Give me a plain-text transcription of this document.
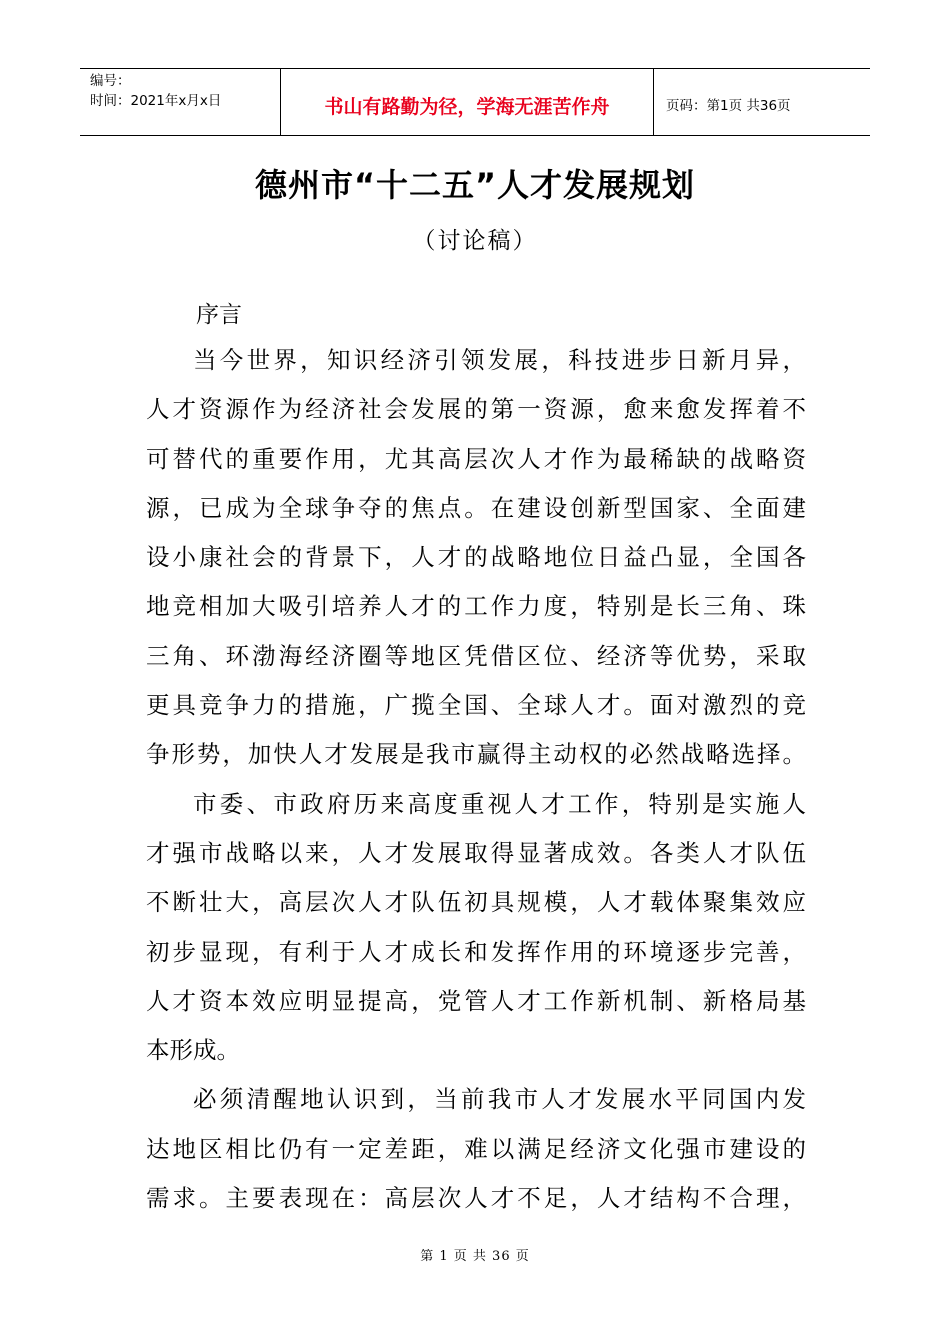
编号：
时间：2021年x月x日	书山有路勤为径，学海无涯苦作舟	页码：第1页 共36页
德州市“十二五”人才发展规划
（讨论稿）
序言
当今世界，知识经济引领发展，科技进步日新月异，
人才资源作为经济社会发展的第一资源，愈来愈发挥着不
可替代的重要作用，尤其高层次人才作为最稀缺的战略资
源，已成为全球争夺的焦点。在建设创新型国家、全面建
设小康社会的背景下，人才的战略地位日益凸显，全国各
地竞相加大吸引培养人才的工作力度，特别是长三角、珠
三角、环渤海经济圈等地区凭借区位、经济等优势，采取
更具竞争力的措施，广揽全国、全球人才。面对激烈的竞
争形势，加快人才发展是我市赢得主动权的必然战略选择。
市委、市政府历来高度重视人才工作，特别是实施人
才强市战略以来，人才发展取得显著成效。各类人才队伍
不断壮大，高层次人才队伍初具规模，人才载体聚集效应
初步显现，有利于人才成长和发挥作用的环境逐步完善，
人才资本效应明显提高，党管人才工作新机制、新格局基
本形成。
必须清醒地认识到，当前我市人才发展水平同国内发
达地区相比仍有一定差距，难以满足经济文化强市建设的
需求。主要表现在：高层次人才不足，人才结构不合理，
第 1 页 共 36 页
